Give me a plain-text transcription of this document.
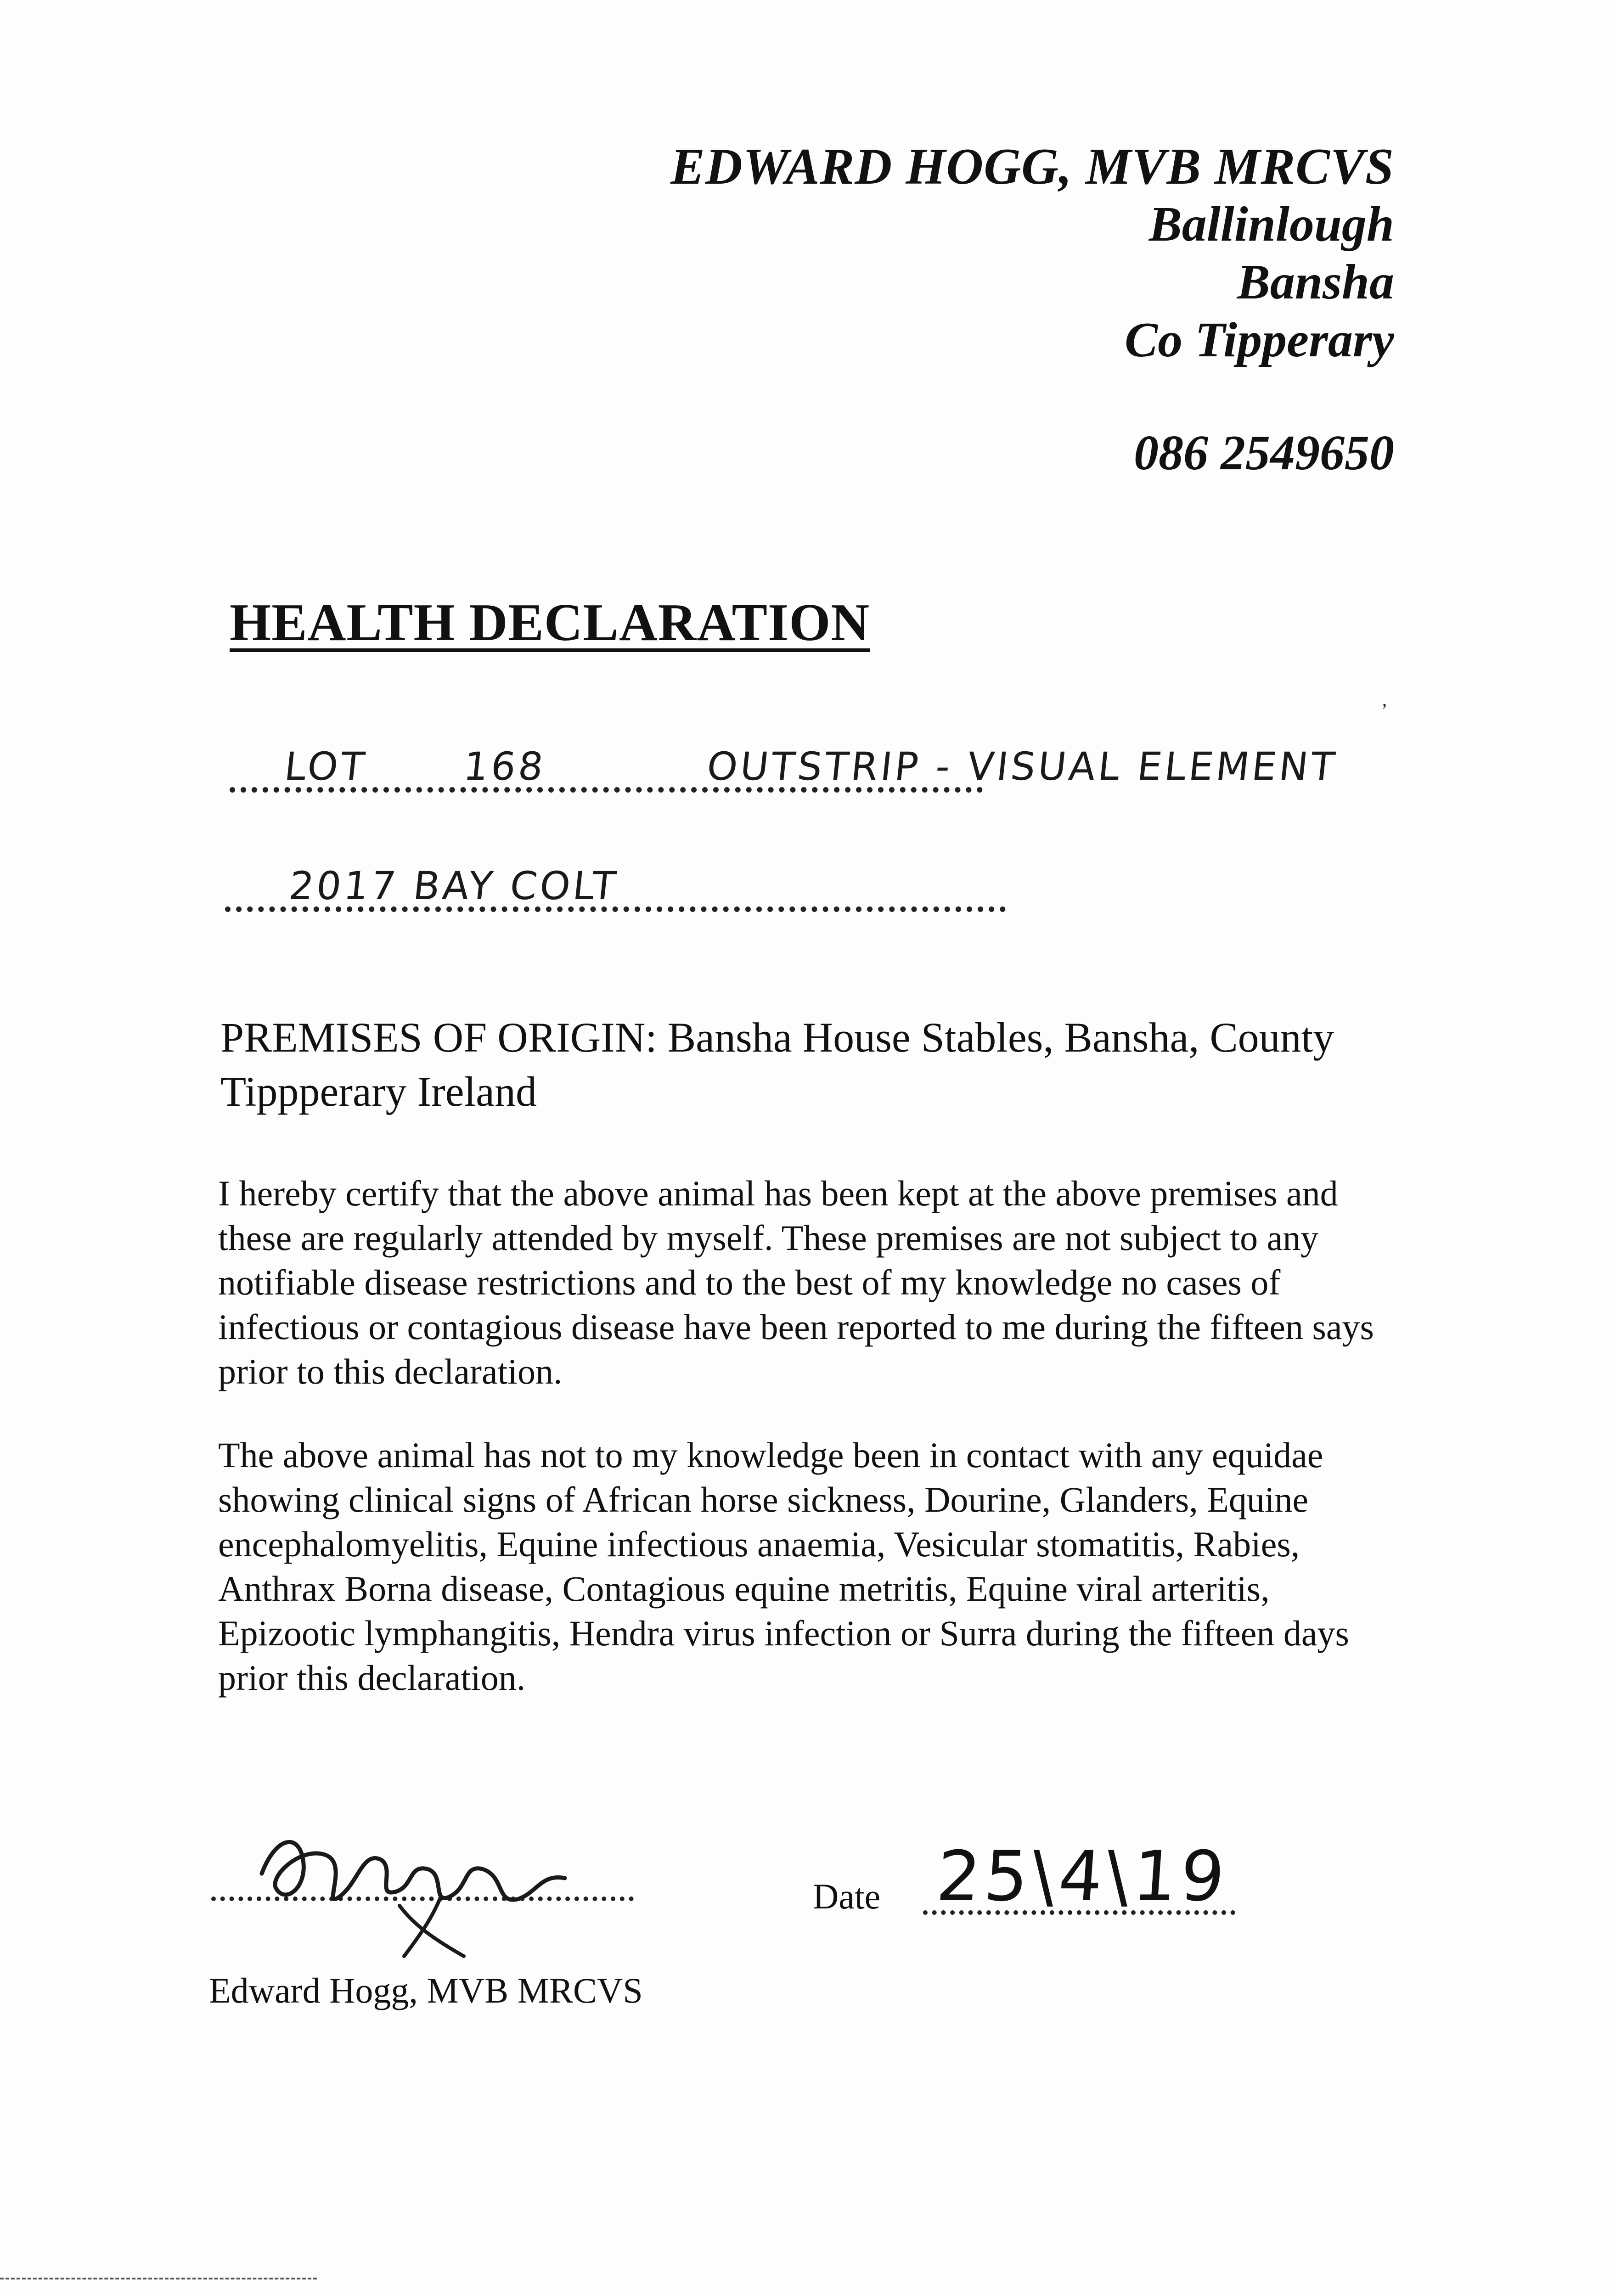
EDWARD HOGG, MVB MRCVS
Ballinlough
Bansha
Co Tipperary
086 2549650
HEALTH DECLARATION
,
LOT 168	OUTSTRIP - VISUAL ELEMENT
2017 BAY COLT
PREMISES OF ORIGIN: Bansha House Stables, Bansha, County Tippperary Ireland
I hereby certify that the above animal has been kept at the above premises and these are regularly attended by myself. These premises are not subject to any notifiable disease restrictions and to the best of my knowledge no cases of infectious or contagious disease have been reported to me during the fifteen says prior to this declaration.
The above animal has not to my knowledge been in contact with any equidae showing clinical signs of African horse sickness, Dourine, Glanders, Equine encephalomyelitis, Equine infectious anaemia, Vesicular stomatitis, Rabies, Anthrax Borna disease, Contagious equine metritis, Equine viral arteritis, Epizootic lymphangitis, Hendra virus infection or Surra during the fifteen days prior this declaration.
Edward Hogg, MVB MRCVS
Date 25\4\19
